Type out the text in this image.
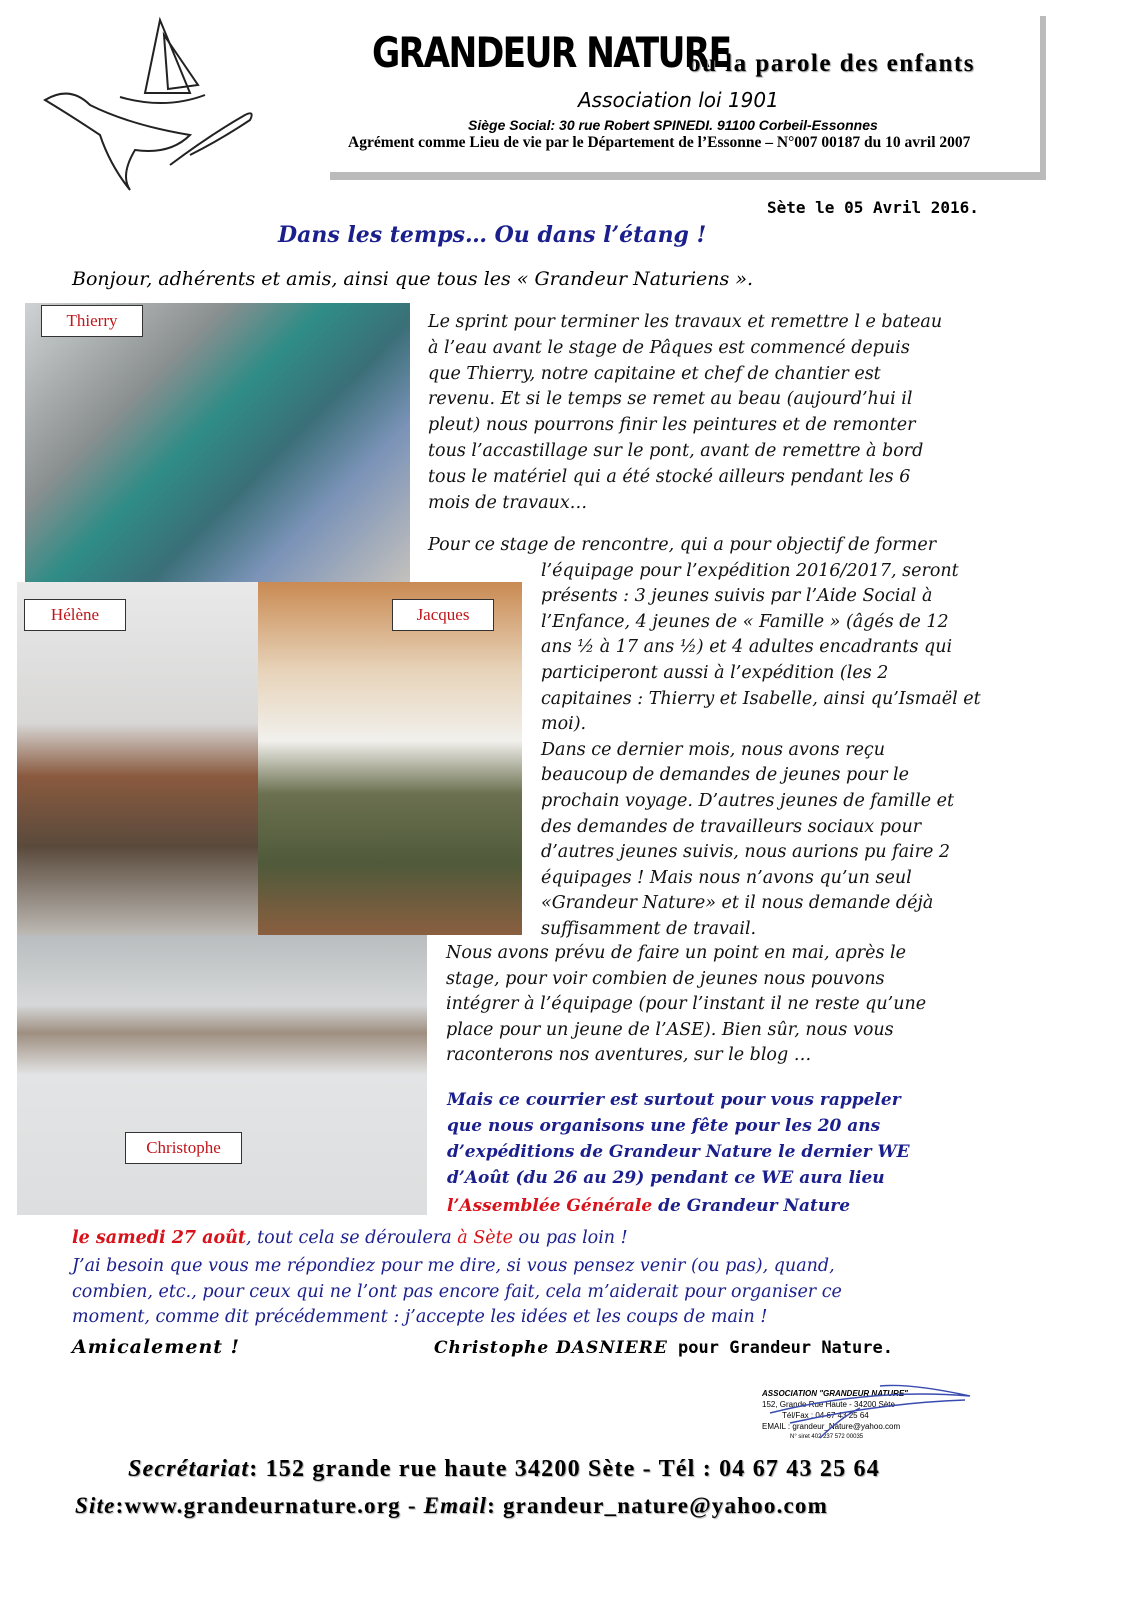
GRANDEUR NATURE
ou la parole des enfants
Association loi 1901
Siège Social: 30 rue Robert SPINEDI. 91100 Corbeil-Essonnes
Agrément comme Lieu de vie par le Département de l’Essonne – N°007 00187 du 10 avril 2007
Sète le 05 Avril 2016.
Dans les temps… Ou dans l’étang !
Bonjour, adhérents et amis, ainsi que tous les « Grandeur Naturiens ».
Thierry
Hélène	Jacques
Christophe
Le sprint pour terminer les travaux et remettre l e bateau
à l’eau avant le stage de Pâques est commencé depuis
que Thierry, notre capitaine et chef de chantier est
revenu. Et si le temps se remet au beau (aujourd’hui il
pleut) nous pourrons finir les peintures et de remonter
tous l’accastillage sur le pont, avant de remettre à bord
tous le matériel qui a été stocké ailleurs pendant les 6
mois de travaux…
Pour ce stage de rencontre, qui a pour objectif de former
l’équipage pour l’expédition 2016/2017, seront
présents : 3 jeunes suivis par l’Aide Social à
l’Enfance, 4 jeunes de « Famille » (âgés de 12
ans ½ à 17 ans ½) et 4 adultes encadrants qui
participeront aussi à l’expédition (les 2
capitaines : Thierry et Isabelle, ainsi qu’Ismaël et
moi).
Dans ce dernier mois, nous avons reçu
beaucoup de demandes de jeunes pour le
prochain voyage. D’autres jeunes de famille et
des demandes de travailleurs sociaux pour
d’autres jeunes suivis, nous aurions pu faire 2
équipages ! Mais nous n’avons qu’un seul
«Grandeur Nature» et il nous demande déjà
suffisamment de travail.
Nous avons prévu de faire un point en mai, après le
stage, pour voir combien de jeunes nous pouvons
intégrer à l’équipage (pour l’instant il ne reste qu’une
place pour un jeune de l’ASE). Bien sûr, nous vous
raconterons nos aventures, sur le blog …
Mais ce courrier est surtout pour vous rappeler
que nous organisons une fête pour les 20 ans
d’expéditions de Grandeur Nature le dernier WE
d’Août (du 26 au 29) pendant ce WE aura lieu
l’Assemblée Générale de Grandeur Nature
le samedi 27 août, tout cela se déroulera à Sète ou pas loin !
J’ai besoin que vous me répondiez pour me dire, si vous pensez venir (ou pas), quand,
combien, etc., pour ceux qui ne l’ont pas encore fait, cela m’aiderait pour organiser ce
moment, comme dit précédemment : j’accepte les idées et les coups de main !
Amicalement !	Christophe DASNIERE pour Grandeur Nature.
ASSOCIATION "GRANDEUR NATURE"
152, Grande Rue Haute - 34200 Sète
Tél/Fax : 04 67 43 25 64
EMAIL : grandeur_Nature@yahoo.com
N° siret 402 237 572 00035
Secrétariat: 152 grande rue haute 34200 Sète - Tél : 04 67 43 25 64
Site:www.grandeurnature.org - Email: grandeur_nature@yahoo.com
